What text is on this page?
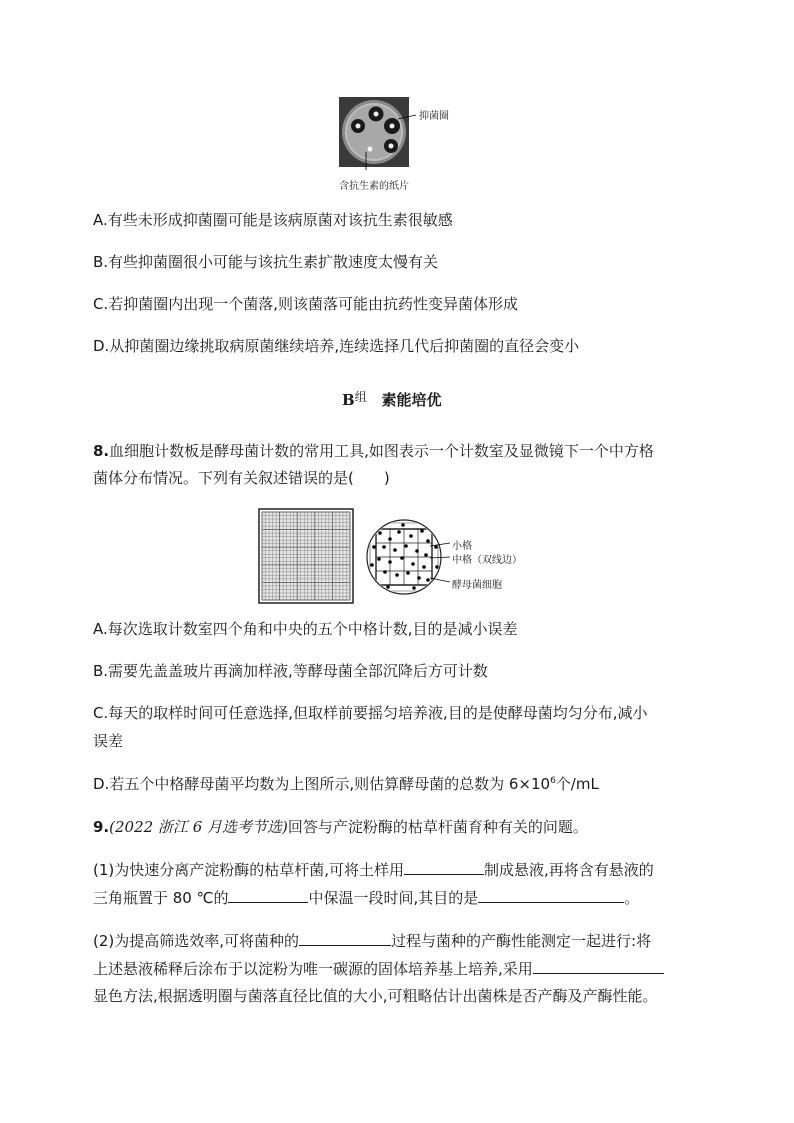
抑菌圈
含抗生素的纸片
A.有些未形成抑菌圈可能是该病原菌对该抗生素很敏感
B.有些抑菌圈很小可能与该抗生素扩散速度太慢有关
C.若抑菌圈内出现一个菌落,则该菌落可能由抗药性变异菌体形成
D.从抑菌圈边缘挑取病原菌继续培养,连续选择几代后抑菌圈的直径会变小
$B^组$ 素能培优
8.血细胞计数板是酵母菌计数的常用工具,如图表示一个计数室及显微镜下一个中方格
菌体分布情况。下列有关叙述错误的是(　　)
小格
中格（双线边）
酵母菌细胞
A.每次选取计数室四个角和中央的五个中格计数,目的是减小误差
B.需要先盖盖玻片再滴加样液,等酵母菌全部沉降后方可计数
C.每天的取样时间可任意选择,但取样前要摇匀培养液,目的是使酵母菌均匀分布,减小
误差
D.若五个中格酵母菌平均数为上图所示,则估算酵母菌的总数为 $6\times 10^6$个/mL
9.(2022 浙江 6 月选考节选)回答与产淀粉酶的枯草杆菌育种有关的问题。
(1)为快速分离产淀粉酶的枯草杆菌,可将土样用	制成悬液,再将含有悬液的
三角瓶置于 80 ℃的	中保温一段时间,其目的是	。
(2)为提高筛选效率,可将菌种的	过程与菌种的产酶性能测定一起进行:将
上述悬液稀释后涂布于以淀粉为唯一碳源的固体培养基上培养,采用
显色方法,根据透明圈与菌落直径比值的大小,可粗略估计出菌株是否产酶及产酶性能。
